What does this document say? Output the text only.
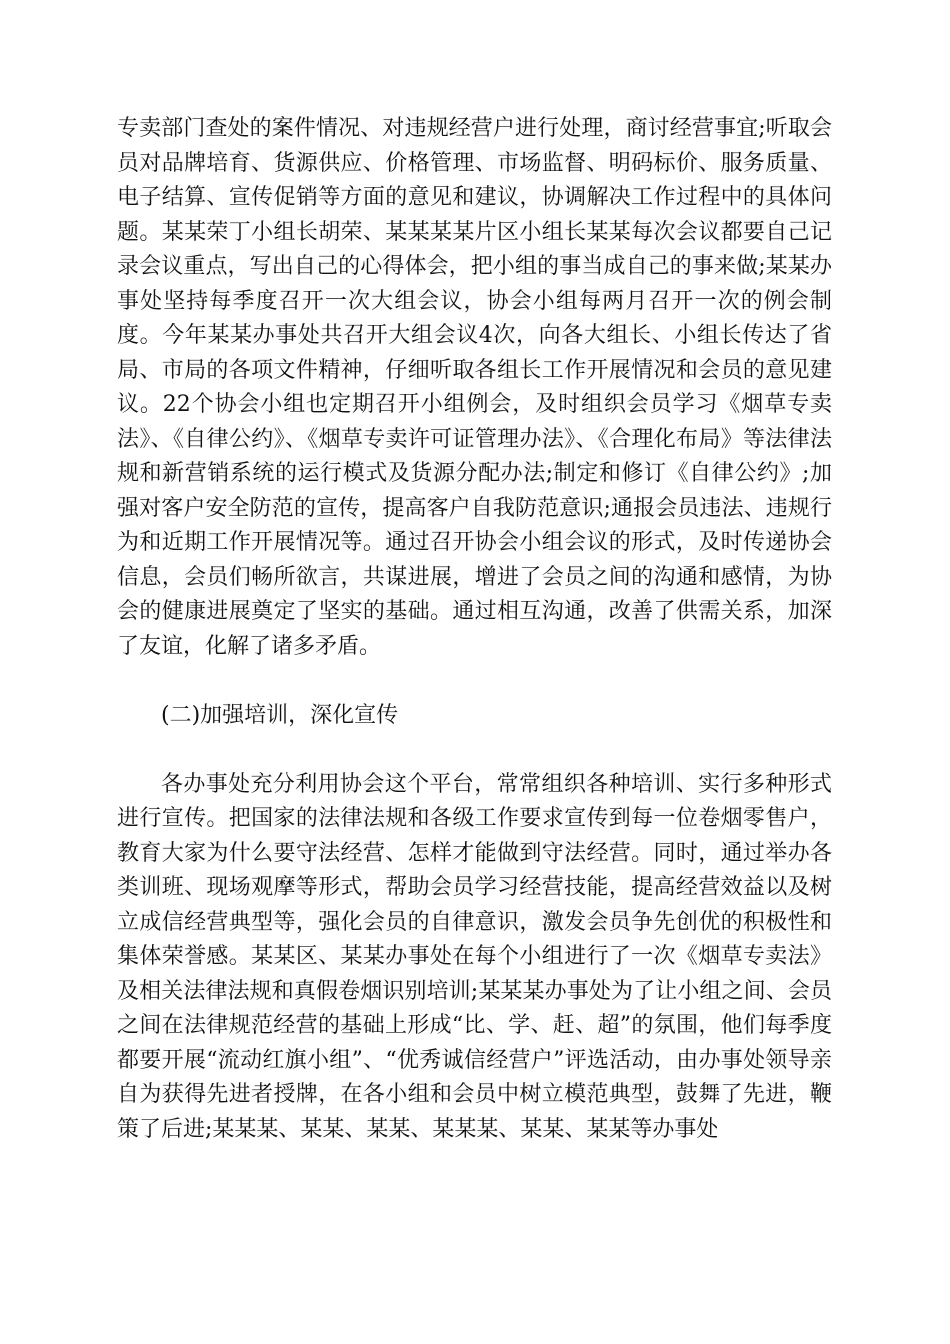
专卖部门查处的案件情况、对违规经营户进行处理，商讨经营事宜;听取会员对品牌培育、货源供应、价格管理、市场监督、明码标价、服务质量、电子结算、宣传促销等方面的意见和建议，协调解决工作过程中的具体问题。某某荣丁小组长胡荣、某某某某片区小组长某某每次会议都要自己记录会议重点，写出自己的心得体会，把小组的事当成自己的事来做;某某办事处坚持每季度召开一次大组会议，协会小组每两月召开一次的例会制度。今年某某办事处共召开大组会议4次，向各大组长、小组长传达了省局、市局的各项文件精神，仔细听取各组长工作开展情况和会员的意见建议。22个协会小组也定期召开小组例会，及时组织会员学习《烟草专卖法》、《自律公约》、《烟草专卖许可证管理办法》、《合理化布局》等法律法规和新营销系统的运行模式及货源分配办法;制定和修订《自律公约》;加强对客户安全防范的宣传，提高客户自我防范意识;通报会员违法、违规行为和近期工作开展情况等。通过召开协会小组会议的形式，及时传递协会信息，会员们畅所欲言，共谋进展，增进了会员之间的沟通和感情，为协会的健康进展奠定了坚实的基础。通过相互沟通，改善了供需关系，加深了友谊，化解了诸多矛盾。

(二)加强培训，深化宣传

各办事处充分利用协会这个平台，常常组织各种培训、实行多种形式进行宣传。把国家的法律法规和各级工作要求宣传到每一位卷烟零售户，教育大家为什么要守法经营、怎样才能做到守法经营。同时，通过举办各类训班、现场观摩等形式，帮助会员学习经营技能，提高经营效益以及树立成信经营典型等，强化会员的自律意识，激发会员争先创优的积极性和集体荣誉感。某某区、某某办事处在每个小组进行了一次《烟草专卖法》及相关法律法规和真假卷烟识别培训;某某某办事处为了让小组之间、会员之间在法律规范经营的基础上形成“比、学、赶、超”的氛围，他们每季度都要开展“流动红旗小组”、“优秀诚信经营户”评选活动，由办事处领导亲自为获得先进者授牌，在各小组和会员中树立模范典型，鼓舞了先进，鞭策了后进;某某某、某某、某某、某某某、某某、某某等办事处
